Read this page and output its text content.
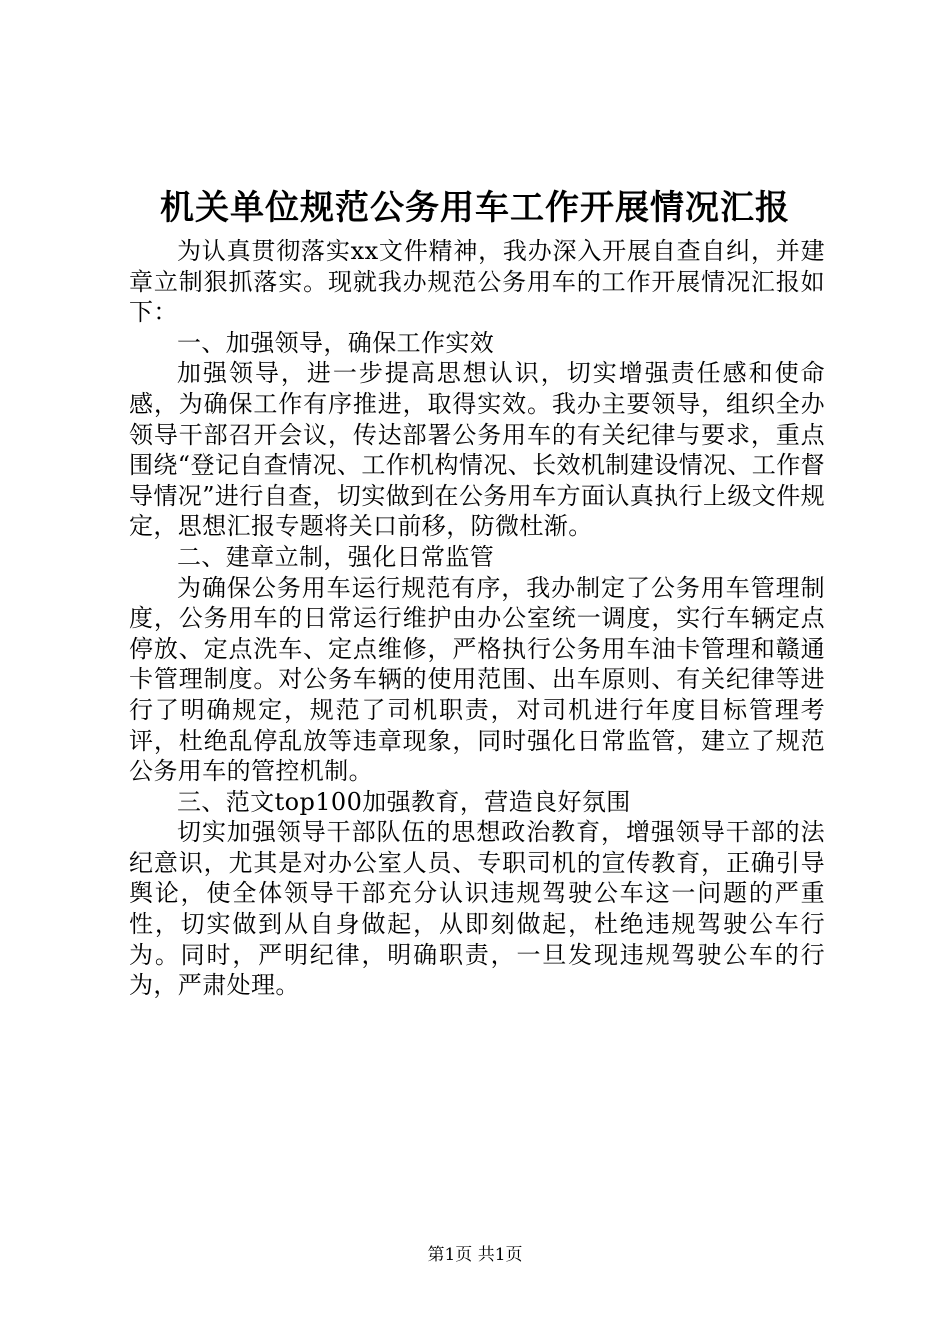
机关单位规范公务用车工作开展情况汇报

为认真贯彻落实xx文件精神，我办深入开展自查自纠，并建章立制狠抓落实。现就我办规范公务用车的工作开展情况汇报如下：

一、加强领导，确保工作实效

加强领导，进一步提高思想认识，切实增强责任感和使命感，为确保工作有序推进，取得实效。我办主要领导，组织全办领导干部召开会议，传达部署公务用车的有关纪律与要求，重点围绕“登记自查情况、工作机构情况、长效机制建设情况、工作督导情况”进行自查，切实做到在公务用车方面认真执行上级文件规定，思想汇报专题将关口前移，防微杜渐。

二、建章立制，强化日常监管

为确保公务用车运行规范有序，我办制定了公务用车管理制度，公务用车的日常运行维护由办公室统一调度，实行车辆定点停放、定点洗车、定点维修，严格执行公务用车油卡管理和赣通卡管理制度。对公务车辆的使用范围、出车原则、有关纪律等进行了明确规定，规范了司机职责，对司机进行年度目标管理考评，杜绝乱停乱放等违章现象，同时强化日常监管，建立了规范公务用车的管控机制。

三、范文top100加强教育，营造良好氛围

切实加强领导干部队伍的思想政治教育，增强领导干部的法纪意识，尤其是对办公室人员、专职司机的宣传教育，正确引导舆论，使全体领导干部充分认识违规驾驶公车这一问题的严重性，切实做到从自身做起，从即刻做起，杜绝违规驾驶公车行为。同时，严明纪律，明确职责，一旦发现违规驾驶公车的行为，严肃处理。

第1页 共1页
